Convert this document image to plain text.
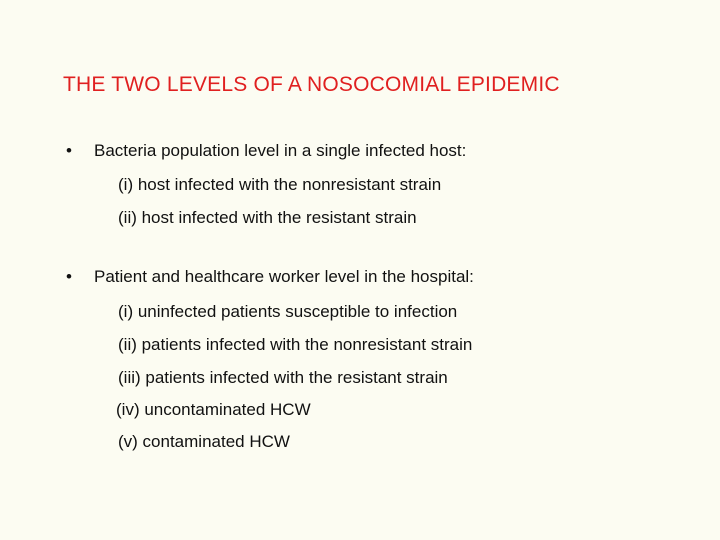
THE TWO LEVELS OF A NOSOCOMIAL EPIDEMIC
• Bacteria population level in a single infected host:
(i) host infected with the nonresistant strain
(ii) host infected with the resistant strain
• Patient and healthcare worker level in the hospital:
(i) uninfected patients susceptible to infection
(ii) patients infected with the nonresistant strain
(iii) patients infected with the resistant strain
(iv) uncontaminated HCW
(v) contaminated HCW
